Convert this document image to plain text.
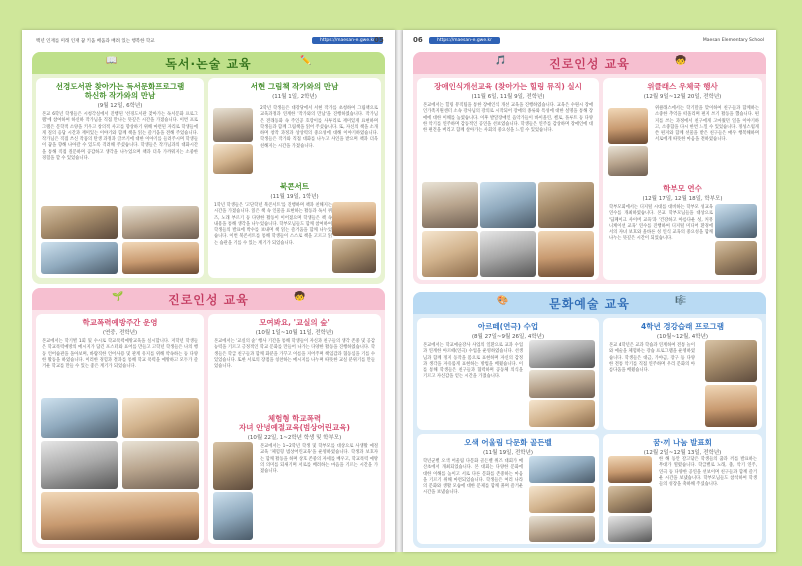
백년 인재를 미래 인재 꿈 키움 배움과 배려 있는 행복한 학교	https://maesan-e.gwe.kr
05
독서·논술 교육
📖	✏️
선경도서관 찾아가는 독서문화프로그램
하신하 작가와의 만남
(9월 12일, 6학년)
본교 6학년 학생들은 시청각실에서 진행된 '선경도서관 찾아가는 독서문화 프로그램'에 참여하여 하신하 작가님을 직접 만나는 뜻깊은 시간을 가졌습니다. 이번 프로그램은 문학적 소양을 키우고 창의적 사고를 향상하기 위해 마련된 자리로 학생들에게 질의 응답 시간과 재미있는 이야기와 함께 책을 읽는 즐거움을 전해 주었습니다. 작가님은 직접 쓰신 작품의 탄생 과정과 글쓰기에 대한 이야기를 들려주시며 학생들이 꿈을 향해 나아갈 수 있도록 격려해 주셨습니다. 학생들은 작가님과의 대화시간을 통해 직접 질문하며 공감하고 생각을 나누었으며 책과 더욱 가까워지는 소중한 경험을 할 수 있었습니다.
서현 그림책 작가와의 만남
(11월 1일, 2학년)
2학년 학생들은 대강당에서 서현 작가를 초청하여 그림책으로 교육과정과 연계한 '작가와의 만남'을 진행하였습니다. 작가님은 전래동화 속 주인공 호랑이를 사투리로 재미있게 표현하며 학생들과 함께 그림책을 읽어 주셨습니다. 또, 자신의 책을 소개하며 창작 과정과 상상력의 중요성에 대해 이야기하였습니다. 학생들은 작가와 직접 대화를 나누고 사인을 받으며 책과 더욱 친해지는 시간을 가졌습니다.
북콘서트
(11월 19일, 1학년)
1학년 학생들은 '고단학년 북콘서트'를 진행하며 책과 친해지는 시간을 가졌습니다. 읽은 책 속 인물을 표현하는 활동과 독서 퀴즈, 노래 부르기 등 다양한 활동이 이어졌으며 학생들은 책 속 내용을 통해 생각을 나누었습니다. 학부모님들도 함께 참여하여 학생들의 발표에 박수를 보내며 책 읽는 즐거움을 함께 나누었습니다. 이번 북콘서트를 통해 학생들이 스스로 책을 고르고 읽는 습관을 기를 수 있는 계기가 되었습니다.
진로인성 교육
🌱	🧒
학교폭력예방주간 운영
(연중, 전학년)
본교에서는 학기별 1회 및 수시로 학교폭력예방교육을 실시합니다. 저학년 학생들은 학교폭력예방의 메시지가 담긴 포스터와 표어를 만들고 고학년 학생들은 나의 행동 언어습관을 돌아보며, 바람직한 언어사용 및 관계 유지를 위해 약속하는 등 다양한 활동을 하였습니다. 이러한 경험과 결과를 통해 학교 폭력을 예방하고 모두가 즐거운 학교를 만들 수 있는 좋은 계기가 되었습니다.
모여봐요, '교실의 숲'
(10월 1일~10월 11일, 전학년)
본교에서는 '교실의 숲' 행사 기간을 통해 학생들이 자신과 친구들의 생각 존중 및 공감 능력을 기르고 긍정적인 학교 문화를 만들어 나가는 다양한 활동을 진행하였습니다. 학생들은 학급 친구들과 함께 화분을 가꾸고 이름을 지어주며 책임감과 협동심을 기를 수 있었습니다. 또한 서로의 장점을 칭찬하는 메시지를 나누며 따뜻한 교실 분위기를 만들었습니다.
체험형 학교폭력
자녀 안녕예절교육(범상어린교육)
(10월 22일, 1~2학년 학생 및 학부모)
본교에서는 1~2학년 학생 및 학부모를 대상으로 사생활 예절교육 '체험형 범상어린교육'을 운영하였습니다. 학생과 보호자는 함께 활동을 하며 상호 존중의 자세를 배우고, 학교폭력 예방의 의미를 되새기며 서로를 배려하는 마음을 기르는 시간을 가졌습니다.
06	https://maesan-e.gwe.kr	Maesan Elementary School
진로인성 교육
🎵	🧒
장애인식개선교육 (찾아가는 힐링 뮤직) 실시
(11월 6일, 11월 9일, 전학년)
본교에서는 힐링 뮤직팀을 통한 장애인식 개선 교육을 진행하였습니다. 교육은 수원시 장애인가족지원센터 소속 강사님의 강의로 시작되어 장애의 종류와 특성에 대한 설명을 통해 장애에 대한 이해를 높였습니다. 이후 발달장애인 음악가들이 바이올린, 첼로, 플루트 등 다양한 악기를 연주하며 감동적인 공연을 선보였습니다. 학생들은 연주를 감상하며 장애인에 대한 편견을 버리고 함께 살아가는 사회의 중요성을 느낄 수 있었습니다.
위클래스 우체국 행사
(12월 9일~12월 20일, 전학년)
위클래스에서는 학기말을 맞이하여 친구들과 함께하는 소중한 추억을 떠올리며 편지 쓰기 활동을 했습니다. 편지를 쓰는 과정에서 친구에게 고마웠던 일을 이야기하고, 소중함을 다시 한번 느낄 수 있었습니다. 정성스럽게 쓴 편지와 함께 선물을 받은 친구들은 매우 행복해하며 서로에게 따뜻한 마음을 전하였습니다.
학부모 연수
(12월 17일, 12월 18일, 학부모)
학부모회에서는 디지털 시대를 대비하는 학부모 성교육 연수를 개최하였습니다. 본교 학부모님들을 대상으로 '딥페이크 사이버 교육'과 '건강하고 아름다운 성, 커뮤니케이션 교육' 연수를 진행하여 디지털 미디어 환경에서의 자녀 보호와 올바른 성 인식 교육의 중요성을 함께 나누는 뜻깊은 시간이 되었습니다.
문화예술 교육
🎨	🎼
아르떼(연극) 수업
(8월 27일~9월 26일, 4학년)
본교에서는 학교예술강사 사업의 일환으로 교과 수업과 연계한 아르떼(연극) 수업을 운영하였습니다. 선생님과 함께 정지 동작을 몸으로 표현하며 자신의 감정과 생각을 자유롭게 표현하는 방법을 배웠습니다. 이를 통해 학생들은 친구들과 협력하며 공동체 의식을 기르고 자신감을 얻는 시간을 가졌습니다.
4학년 경강습래 프로그램
(10월~12월, 4학년)
본교 4학년은 교과 학습과 연계하여 전통 놀이와 예술을 체험하는 강습 프로그램을 운영하였습니다. 학생들은 대금, 가야금, 장구 등 다양한 전통 악기를 직접 연주하며 우리 문화의 아름다움을 배웠습니다.
오색 어울림 다문화 골든벨
(11월 19일, 전학년)
학년군별 오색 어울림 다문화 골든벨 퀴즈 대회가 매산초에서 개최되었습니다. 본 대회는 다양한 문화에 대한 이해를 높이고 서로 다른 문화를 존중하는 마음을 기르기 위해 마련되었습니다. 학생들은 여러 나라의 문화와 생활 모습에 대한 문제를 함께 풀며 즐거운 시간을 보냈습니다.
꿈·끼 나눔 발표회
(12월 2일~12월 13일, 전학년)
한 해 동안 갈고닦은 학생들의 꿈과 끼를 발표하는 무대가 열렸습니다. 학급별로 노래, 춤, 악기 연주, 연극 등 다양한 공연을 선보이며 친구들과 함께 즐거운 시간을 보냈습니다. 학부모님들도 참석하여 학생들의 성장을 축하해 주셨습니다.
